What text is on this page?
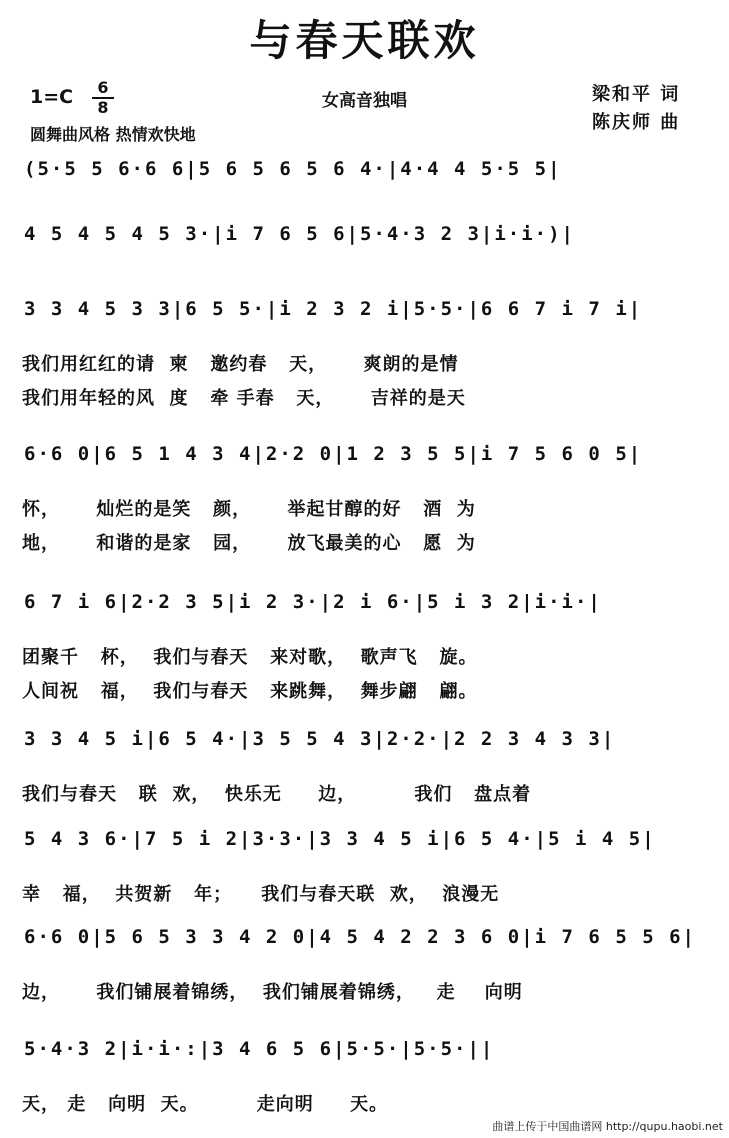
与春天联欢
1=C	6
8
圆舞曲风格 热情欢快地
女高音独唱	梁和平 词
陈庆师 曲
(5·5 5 6·6 6|5 6 5 6 5 6 4·|4·4 4 5·5 5|
4 5 4 5 4 5 3·|i 7 6 5 6|5·4·3 2 3|i·i·)|
3 3 4 5 3 3|6 5 5·|i 2 3 2 i|5·5·|6 6 7 i 7 i|
我们用红红的请  柬   邀约春   天，     爽朗的是情
我们用年轻的风  度   牵 手春   天，     吉祥的是天
6·6 0|6 5 1 4 3 4|2·2 0|1 2 3 5 5|i 7 5 6 0 5|
怀，     灿烂的是笑   颜，     举起甘醇的好   酒  为
地，     和谐的是家   园，     放飞最美的心   愿  为
6 7 i 6|2·2 3 5|i 2 3·|2 i 6·|5 i 3 2|i·i·|
团聚千   杯，  我们与春天   来对歌，  歌声飞   旋。
人间祝   福，  我们与春天   来跳舞，  舞步翩   翩。
3 3 4 5 i|6 5 4·|3 5 5 4 3|2·2·|2 2 3 4 3 3|
我们与春天   联  欢，  快乐无     边，        我们   盘点着
5 4 3 6·|7 5 i 2|3·3·|3 3 4 5 i|6 5 4·|5 i 4 5|
幸   福，  共贺新   年；    我们与春天联  欢，  浪漫无
6·6 0|5 6 5 3 3 4 2 0|4 5 4 2 2 3 6 0|i 7 6 5 5 6|
边，     我们铺展着锦绣，  我们铺展着锦绣，   走    向明
5·4·3 2|i·i·:|3 4 6 5 6|5·5·|5·5·||
天， 走   向明  天。        走向明     天。
曲谱上传于中国曲谱网 http://qupu.haobi.net
